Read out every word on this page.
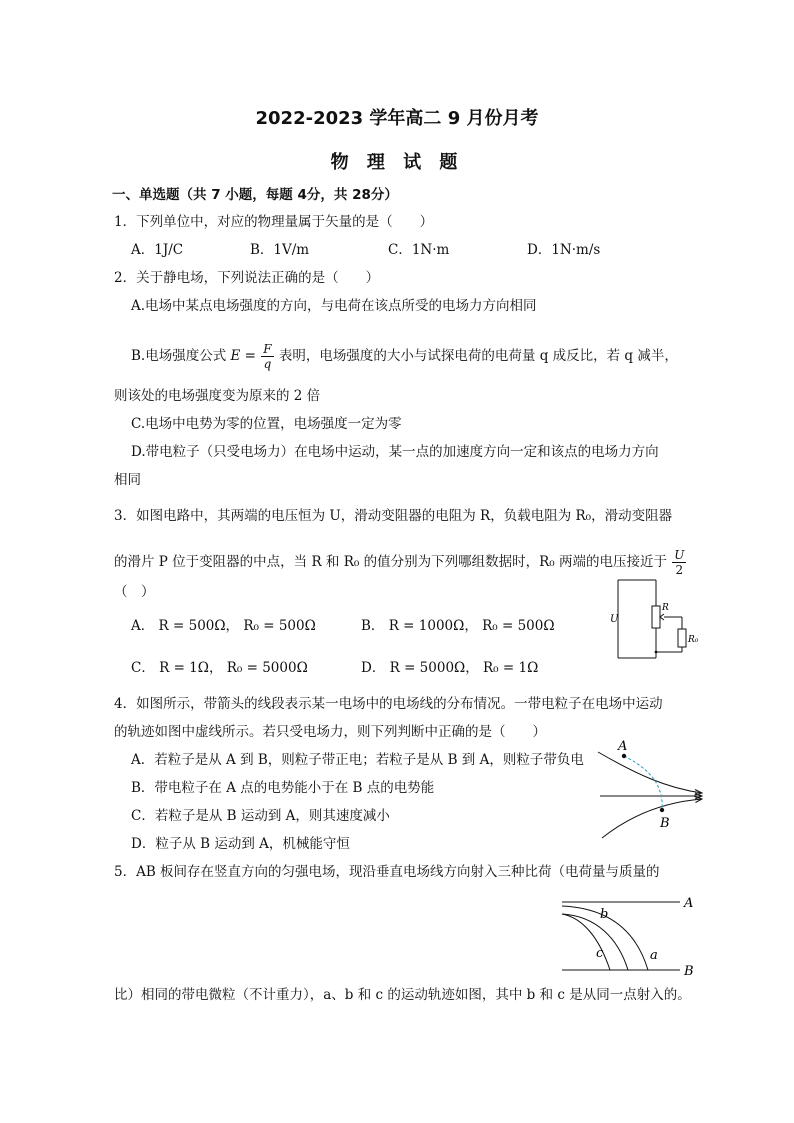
2022-2023 学年高二 9 月份月考
物 理 试 题
一、单选题（共 7 小题，每题 4分，共 28分）
1．下列单位中，对应的物理量属于矢量的是（　　）
A．1J/C	B．1V/m	C．1N·m	D．1N·m/s
2．关于静电场，下列说法正确的是（　　）
A.电场中某点电场强度的方向，与电荷在该点所受的电场力方向相同
B.电场强度公式 $E = \frac{F}{q}$ 表明，电场强度的大小与试探电荷的电荷量 q 成反比，若 q 减半，
则该处的电场强度变为原来的 2 倍
C.电场中电势为零的位置，电场强度一定为零
D.带电粒子（只受电场力）在电场中运动，某一点的加速度方向一定和该点的电场力方向
相同
3．如图电路中，其两端的电压恒为 U，滑动变阻器的电阻为 R，负载电阻为 R₀，滑动变阻器
的滑片 P 位于变阻器的中点，当 R 和 R₀ 的值分别为下列哪组数据时，R₀ 两端的电压接近于 $\frac{U}{2}$
（　）
A． R = 500Ω， R₀ = 500Ω	B． R = 1000Ω， R₀ = 500Ω
C． R = 1Ω， R₀ = 5000Ω	D． R = 5000Ω， R₀ = 1Ω
U
R
R₀
4．如图所示，带箭头的线段表示某一电场中的电场线的分布情况。一带电粒子在电场中运动
的轨迹如图中虚线所示。若只受电场力，则下列判断中正确的是（　　）
A．若粒子是从 A 到 B，则粒子带正电；若粒子是从 B 到 A，则粒子带负电
B．带电粒子在 A 点的电势能小于在 B 点的电势能
C．若粒子是从 B 运动到 A，则其速度减小
D．粒子从 B 运动到 A，机械能守恒
A
B
5．AB 板间存在竖直方向的匀强电场，现沿垂直电场线方向射入三种比荷（电荷量与质量的
A
B
a
b
c
比）相同的带电微粒（不计重力），a、b 和 c 的运动轨迹如图，其中 b 和 c 是从同一点射入的。
